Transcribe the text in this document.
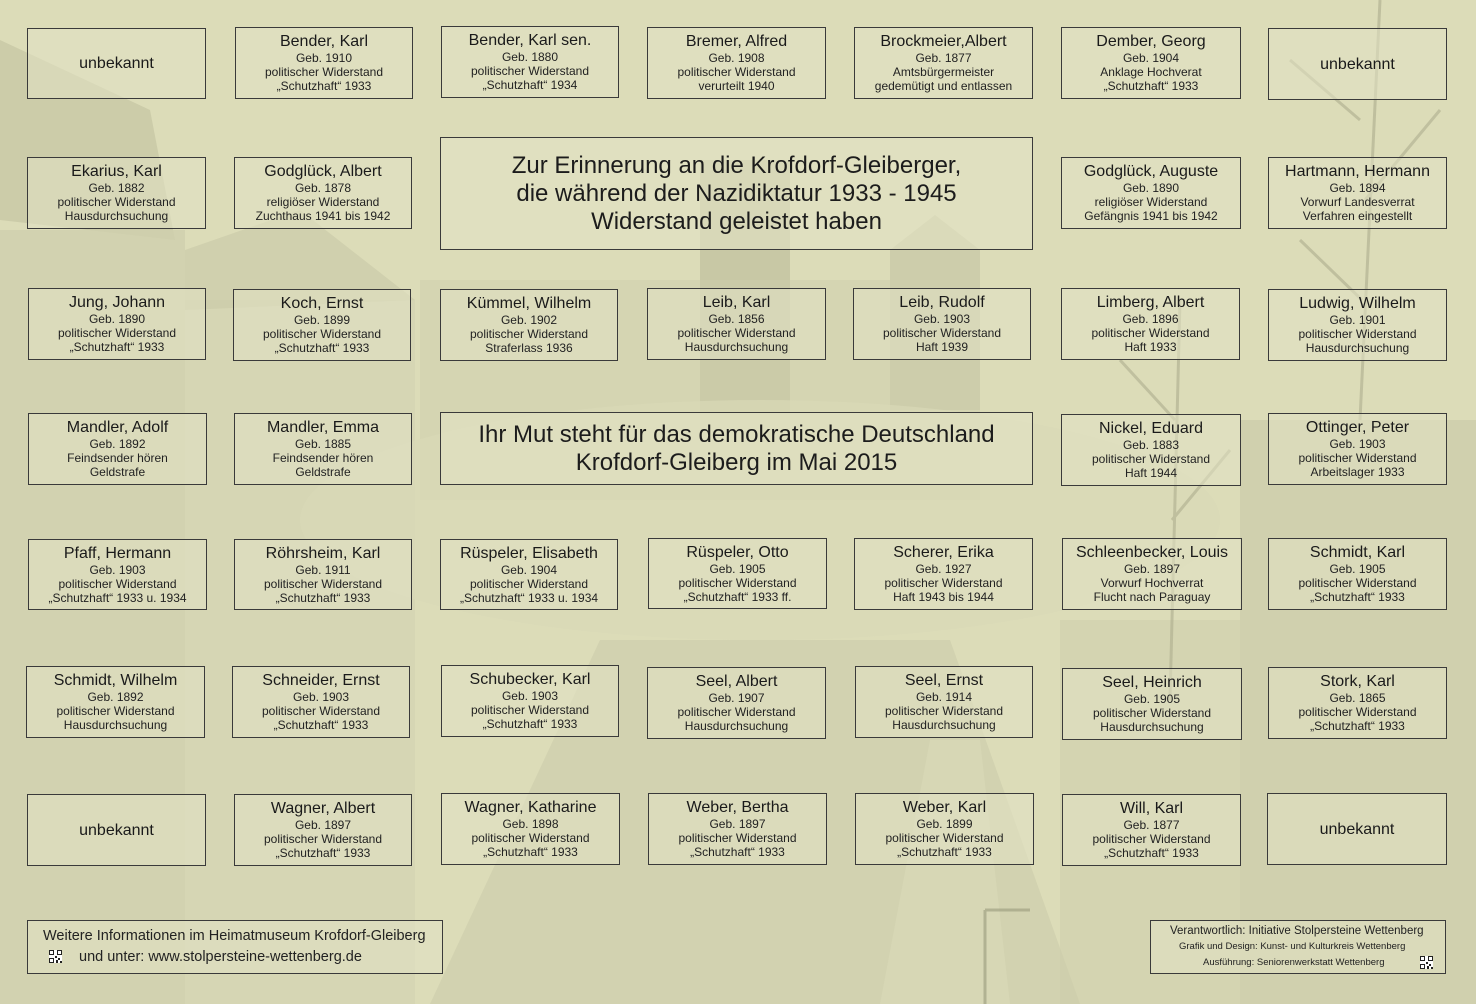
unbekannt
Bender, Karl
Geb. 1910
politischer Widerstand
„Schutzhaft“ 1933
Bender, Karl sen.
Geb. 1880
politischer Widerstand
„Schutzhaft“ 1934
Bremer, Alfred
Geb. 1908
politischer Widerstand
verurteilt 1940
Brockmeier,Albert
Geb. 1877
Amtsbürgermeister
gedemütigt und entlassen
Dember, Georg
Geb. 1904
Anklage Hochverat
„Schutzhaft“ 1933
unbekannt
Ekarius, Karl
Geb. 1882
politischer Widerstand
Hausdurchsuchung
Godglück, Albert
Geb. 1878
religiöser Widerstand
Zuchthaus 1941 bis 1942
Zur Erinnerung an die Krofdorf-Gleiberger,
die während der Nazidiktatur 1933 - 1945
Widerstand geleistet haben
Godglück, Auguste
Geb. 1890
religiöser Widerstand
Gefängnis 1941 bis 1942
Hartmann, Hermann
Geb. 1894
Vorwurf Landesverrat
Verfahren eingestellt
Jung, Johann
Geb. 1890
politischer Widerstand
„Schutzhaft“ 1933
Koch, Ernst
Geb. 1899
politischer Widerstand
„Schutzhaft“ 1933
Kümmel, Wilhelm
Geb. 1902
politischer Widerstand
Straferlass 1936
Leib, Karl
Geb. 1856
politischer Widerstand
Hausdurchsuchung
Leib, Rudolf
Geb. 1903
politischer Widerstand
Haft 1939
Limberg, Albert
Geb. 1896
politischer Widerstand
Haft 1933
Ludwig, Wilhelm
Geb. 1901
politischer Widerstand
Hausdurchsuchung
Mandler, Adolf
Geb. 1892
Feindsender hören
Geldstrafe
Mandler, Emma
Geb. 1885
Feindsender hören
Geldstrafe
Ihr Mut steht für das demokratische Deutschland
Krofdorf-Gleiberg im Mai 2015
Nickel, Eduard
Geb. 1883
politischer Widerstand
Haft 1944
Ottinger, Peter
Geb. 1903
politischer Widerstand
Arbeitslager 1933
Pfaff, Hermann
Geb. 1903
politischer Widerstand
„Schutzhaft“ 1933 u. 1934
Röhrsheim, Karl
Geb. 1911
politischer Widerstand
„Schutzhaft“ 1933
Rüspeler, Elisabeth
Geb. 1904
politischer Widerstand
„Schutzhaft“ 1933 u. 1934
Rüspeler, Otto
Geb. 1905
politischer Widerstand
„Schutzhaft“ 1933 ff.
Scherer, Erika
Geb. 1927
politischer Widerstand
Haft 1943 bis 1944
Schleenbecker, Louis
Geb. 1897
Vorwurf Hochverrat
Flucht nach Paraguay
Schmidt, Karl
Geb. 1905
politischer Widerstand
„Schutzhaft“ 1933
Schmidt, Wilhelm
Geb. 1892
politischer Widerstand
Hausdurchsuchung
Schneider, Ernst
Geb. 1903
politischer Widerstand
„Schutzhaft“ 1933
Schubecker, Karl
Geb. 1903
politischer Widerstand
„Schutzhaft“ 1933
Seel, Albert
Geb. 1907
politischer Widerstand
Hausdurchsuchung
Seel, Ernst
Geb. 1914
politischer Widerstand
Hausdurchsuchung
Seel, Heinrich
Geb. 1905
politischer Widerstand
Hausdurchsuchung
Stork, Karl
Geb. 1865
politischer Widerstand
„Schutzhaft“ 1933
unbekannt
Wagner, Albert
Geb. 1897
politischer Widerstand
„Schutzhaft“ 1933
Wagner, Katharine
Geb. 1898
politischer Widerstand
„Schutzhaft“ 1933
Weber, Bertha
Geb. 1897
politischer Widerstand
„Schutzhaft“ 1933
Weber, Karl
Geb. 1899
politischer Widerstand
„Schutzhaft“ 1933
Will, Karl
Geb. 1877
politischer Widerstand
„Schutzhaft“ 1933
unbekannt
Weitere Informationen im Heimatmuseum Krofdorf-Gleiberg
und unter: www.stolpersteine-wettenberg.de
Verantwortlich: Initiative Stolpersteine Wettenberg
Grafik und Design: Kunst- und Kulturkreis Wettenberg
Ausführung: Seniorenwerkstatt Wettenberg
